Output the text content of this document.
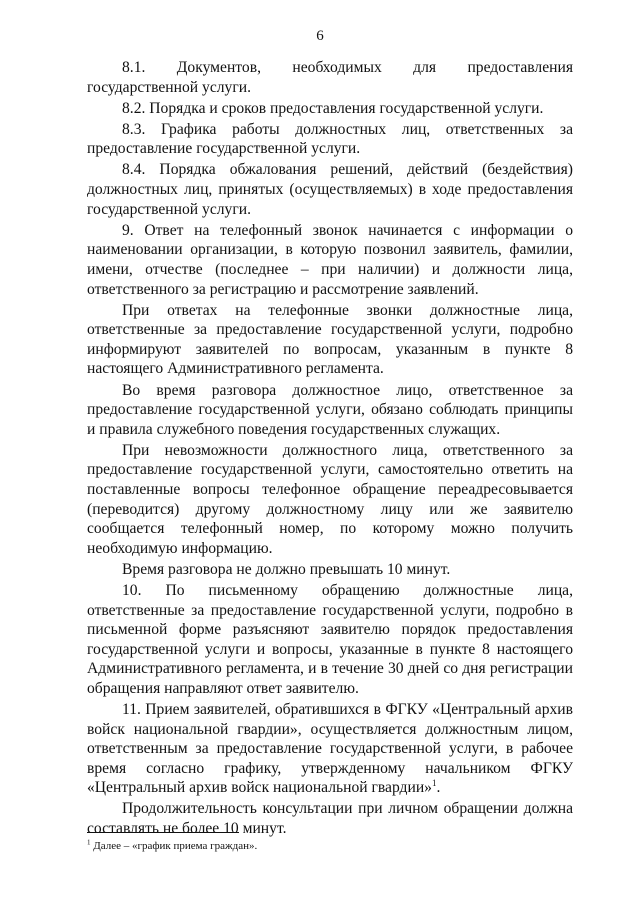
6

8.1. Документов, необходимых для предоставления государственной услуги.

8.2. Порядка и сроков предоставления государственной услуги.

8.3. Графика работы должностных лиц, ответственных за предоставление государственной услуги.

8.4. Порядка обжалования решений, действий (бездействия) должностных лиц, принятых (осуществляемых) в ходе предоставления государственной услуги.

9. Ответ на телефонный звонок начинается с информации о наименовании организации, в которую позвонил заявитель, фамилии, имени, отчестве (последнее – при наличии) и должности лица, ответственного за регистрацию и рассмотрение заявлений.

При ответах на телефонные звонки должностные лица, ответственные за предоставление государственной услуги, подробно информируют заявителей по вопросам, указанным в пункте 8 настоящего Административного регламента.

Во время разговора должностное лицо, ответственное за предоставление государственной услуги, обязано соблюдать принципы и правила служебного поведения государственных служащих.

При невозможности должностного лица, ответственного за предоставление государственной услуги, самостоятельно ответить на поставленные вопросы телефонное обращение переадресовывается (переводится) другому должностному лицу или же заявителю сообщается телефонный номер, по которому можно получить необходимую информацию.

Время разговора не должно превышать 10 минут.

10. По письменному обращению должностные лица, ответственные за предоставление государственной услуги, подробно в письменной форме разъясняют заявителю порядок предоставления государственной услуги и вопросы, указанные в пункте 8 настоящего Административного регламента, и в течение 30 дней со дня регистрации обращения направляют ответ заявителю.

11. Прием заявителей, обратившихся в ФГКУ «Центральный архив войск национальной гвардии», осуществляется должностным лицом, ответственным за предоставление государственной услуги, в рабочее время согласно графику, утвержденному начальником ФГКУ «Центральный архив войск национальной гвардии»$^1$.

Продолжительность консультации при личном обращении должна составлять не более 10 минут.

$^1$ Далее – «график приема граждан».
